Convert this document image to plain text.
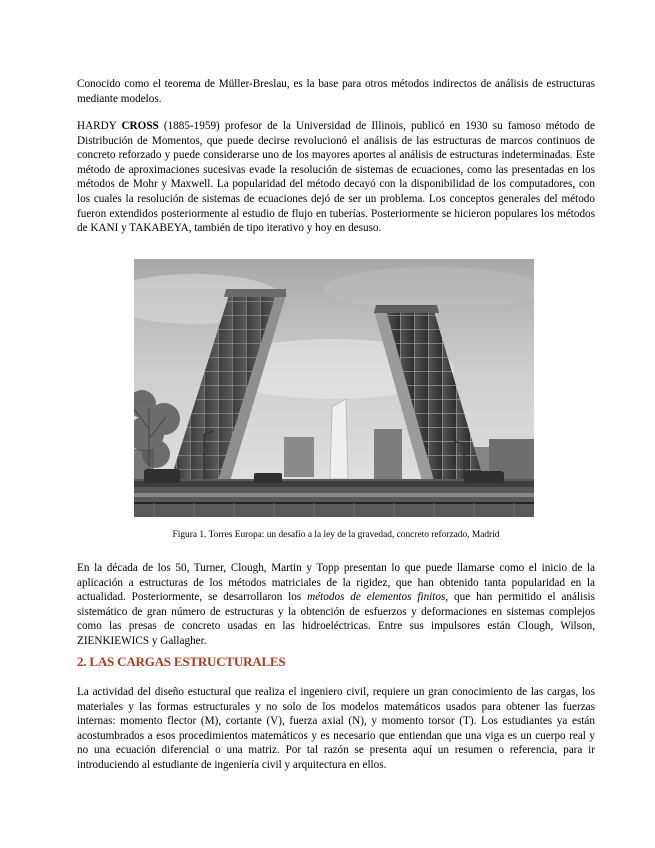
Conocido como el teorema de Müller-Breslau, es la base para otros métodos indirectos de análisis de estructuras mediante modelos.

HARDY CROSS (1885-1959) profesor de la Universidad de Illinois, publicó en 1930 su famoso método de Distribución de Momentos, que puede decirse revolucionó el análisis de las estructuras de marcos continuos de concreto reforzado y puede considerarse uno de los mayores aportes al análisis de estructuras indeterminadas. Este método de aproximaciones sucesivas evade la resolución de sistemas de ecuaciones, como las presentadas en los métodos de Mohr y Maxwell. La popularidad del método decayó con la disponibilidad de los computadores, con los cuales la resolución de sistemas de ecuaciones dejó de ser un problema. Los conceptos generales del método fueron extendidos posteriormente al estudio de flujo en tuberías. Posteriormente se hicieron populares los métodos de KANI y TAKABEYA, también de tipo iterativo y hoy en desuso.

Figura 1. Torres Europa: un desafío a la ley de la gravedad, concreto reforzado, Madrid

En la década de los 50, Turner, Clough, Martin y Topp presentan lo que puede llamarse como el inicio de la aplicación a estructuras de los métodos matriciales de la rigidez, que han obtenido tanta popularidad en la actualidad. Posteriormente, se desarrollaron los métodos de elementos finitos, que han permitido el análisis sistemático de gran número de estructuras y la obtención de esfuerzos y deformaciones en sistemas complejos como las presas de concreto usadas en las hidroeléctricas. Entre sus impulsores están Clough, Wilson, ZIENKIEWICS y Gallagher.

2. LAS CARGAS ESTRUCTURALES

La actividad del diseño estuctural que realiza el ingeniero civil, requiere un gran conocimiento de las cargas, los materiales y las formas estructurales y no solo de los modelos matemáticos usados para obtener las fuerzas internas: momento flector (M), cortante (V), fuerza axial (N), y momento torsor (T). Los estudiantes ya están acostumbrados a esos procedimientos matemáticos y es necesario que entiendan que una viga es un cuerpo real y no una ecuación diferencial o una matriz. Por tal razón se presenta aquí un resumen o referencia, para ir introduciendo al estudiante de ingeniería civil y arquitectura en ellos.
